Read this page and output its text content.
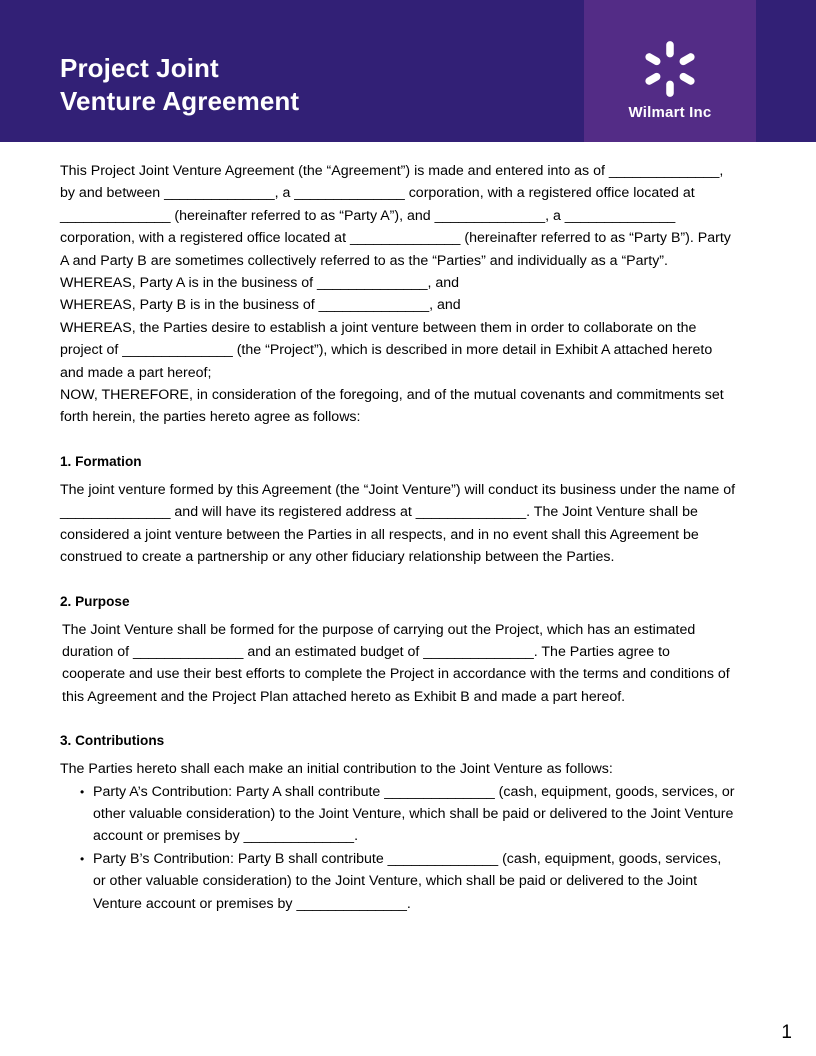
Project Joint
Venture Agreement	Wilmart Inc

This Project Joint Venture Agreement (the “Agreement”) is made and entered into as of ______________, by and between ______________, a ______________ corporation, with a registered office located at ______________ (hereinafter referred to as “Party A”), and ______________, a ______________ corporation, with a registered office located at ______________ (hereinafter referred to as “Party B”). Party A and Party B are sometimes collectively referred to as the “Parties” and individually as a “Party”.

WHEREAS, Party A is in the business of ______________, and

WHEREAS, Party B is in the business of ______________, and

WHEREAS, the Parties desire to establish a joint venture between them in order to collaborate on the project of ______________ (the “Project”), which is described in more detail in Exhibit A attached hereto and made a part hereof;

NOW, THEREFORE, in consideration of the foregoing, and of the mutual covenants and commitments set forth herein, the parties hereto agree as follows:

1. Formation

The joint venture formed by this Agreement (the “Joint Venture”) will conduct its business under the name of ______________ and will have its registered address at ______________. The Joint Venture shall be considered a joint venture between the Parties in all respects, and in no event shall this Agreement be construed to create a partnership or any other fiduciary relationship between the Parties.

2. Purpose

The Joint Venture shall be formed for the purpose of carrying out the Project, which has an estimated duration of ______________ and an estimated budget of ______________. The Parties agree to cooperate and use their best efforts to complete the Project in accordance with the terms and conditions of this Agreement and the Project Plan attached hereto as Exhibit B and made a part hereof.

3. Contributions

The Parties hereto shall each make an initial contribution to the Joint Venture as follows:

• Party A’s Contribution: Party A shall contribute ______________ (cash, equipment, goods, services, or other valuable consideration) to the Joint Venture, which shall be paid or delivered to the Joint Venture account or premises by ______________.
• Party B’s Contribution: Party B shall contribute ______________ (cash, equipment, goods, services, or other valuable consideration) to the Joint Venture, which shall be paid or delivered to the Joint Venture account or premises by ______________.
1
